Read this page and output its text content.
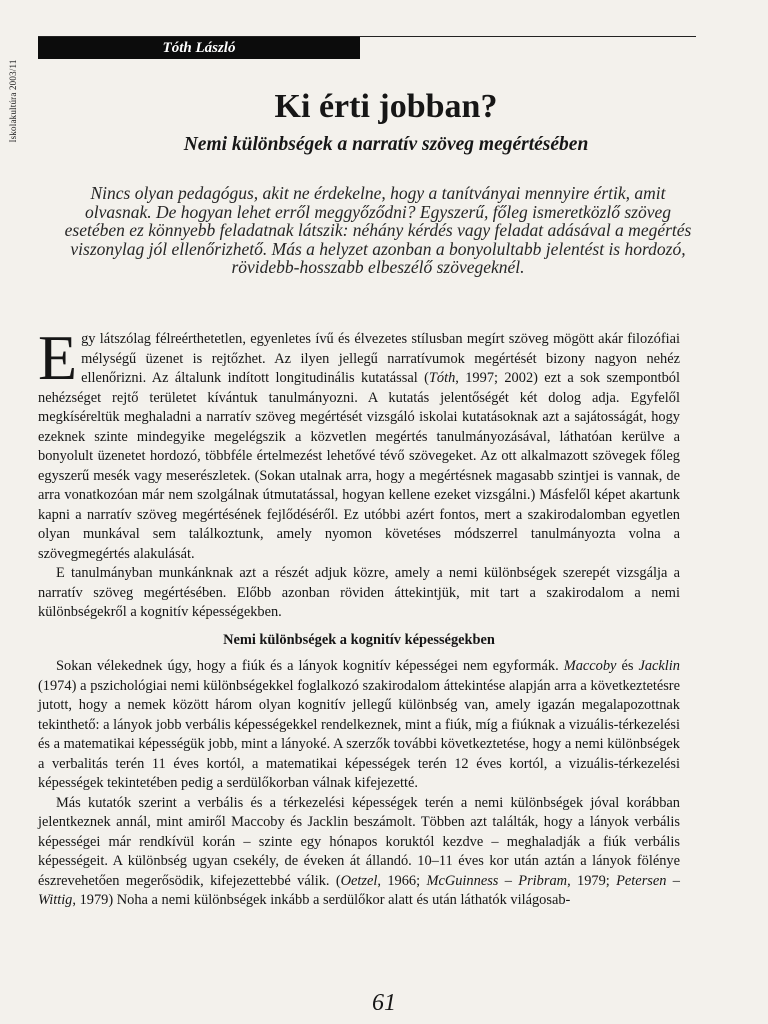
Iskolakultúra 2003/11
Tóth László
Ki érti jobban?
Nemi különbségek a narratív szöveg megértésében

Nincs olyan pedagógus, akit ne érdekelne, hogy a tanítványai mennyire értik, amit olvasnak. De hogyan lehet erről meggyőződni? Egyszerű, főleg ismeretközlő szöveg esetében ez könnyebb feladatnak látszik: néhány kérdés vagy feladat adásával a megértés viszonylag jól ellenőrizhető. Más a helyzet azonban a bonyolultabb jelentést is hordozó, rövidebb-hosszabb elbeszélő szövegeknél.

Egy látszólag félreérthetetlen, egyenletes ívű és élvezetes stílusban megírt szöveg mögött akár filozófiai mélységű üzenet is rejtőzhet. Az ilyen jellegű narratívumok megértését bizony nagyon nehéz ellenőrizni. Az általunk indított longitudinális kutatással (Tóth, 1997; 2002) ezt a sok szempontból nehézséget rejtő területet kívántuk tanulmányozni. A kutatás jelentőségét két dolog adja. Egyfelől megkíséreltük meghaladni a narratív szöveg megértését vizsgáló iskolai kutatásoknak azt a sajátosságát, hogy ezeknek szinte mindegyike megelégszik a közvetlen megértés tanulmányozásával, láthatóan kerülve a bonyolult üzenetet hordozó, többféle értelmezést lehetővé tévő szövegeket. Az ott alkalmazott szövegek főleg egyszerű mesék vagy meserészletek. (Sokan utalnak arra, hogy a megértésnek magasabb szintjei is vannak, de arra vonatkozóan már nem szolgálnak útmutatással, hogyan kellene ezeket vizsgálni.) Másfelől képet akartunk kapni a narratív szöveg megértésének fejlődéséről. Ez utóbbi azért fontos, mert a szakirodalomban egyetlen olyan munkával sem találkoztunk, amely nyomon követéses módszerrel tanulmányozta volna a szövegmegértés alakulását.

E tanulmányban munkánknak azt a részét adjuk közre, amely a nemi különbségek szerepét vizsgálja a narratív szöveg megértésében. Előbb azonban röviden áttekintjük, mit tart a szakirodalom a nemi különbségekről a kognitív képességekben.

Nemi különbségek a kognitív képességekben

Sokan vélekednek úgy, hogy a fiúk és a lányok kognitív képességei nem egyformák. Maccoby és Jacklin (1974) a pszichológiai nemi különbségekkel foglalkozó szakirodalom áttekintése alapján arra a következtetésre jutott, hogy a nemek között három olyan kognitív jellegű különbség van, amely igazán megalapozottnak tekinthető: a lányok jobb verbális képességekkel rendelkeznek, mint a fiúk, míg a fiúknak a vizuális-térkezelési és a matematikai képességük jobb, mint a lányoké. A szerzők további következtetése, hogy a nemi különbségek a verbalitás terén 11 éves kortól, a matematikai képességek terén 12 éves kortól, a vizuális-térkezelési képességek tekintetében pedig a serdülőkorban válnak kifejezetté.

Más kutatók szerint a verbális és a térkezelési képességek terén a nemi különbségek jóval korábban jelentkeznek annál, mint amiről Maccoby és Jacklin beszámolt. Többen azt találták, hogy a lányok verbális képességei már rendkívül korán – szinte egy hónapos koruktól kezdve – meghaladják a fiúk verbális képességeit. A különbség ugyan csekély, de éveken át állandó. 10–11 éves kor után aztán a lányok fölénye észrevehetően megerősödik, kifejezettebbé válik. (Oetzel, 1966; McGuinness – Pribram, 1979; Petersen – Wittig, 1979) Noha a nemi különbségek inkább a serdülőkor alatt és után láthatók világosab-

61
